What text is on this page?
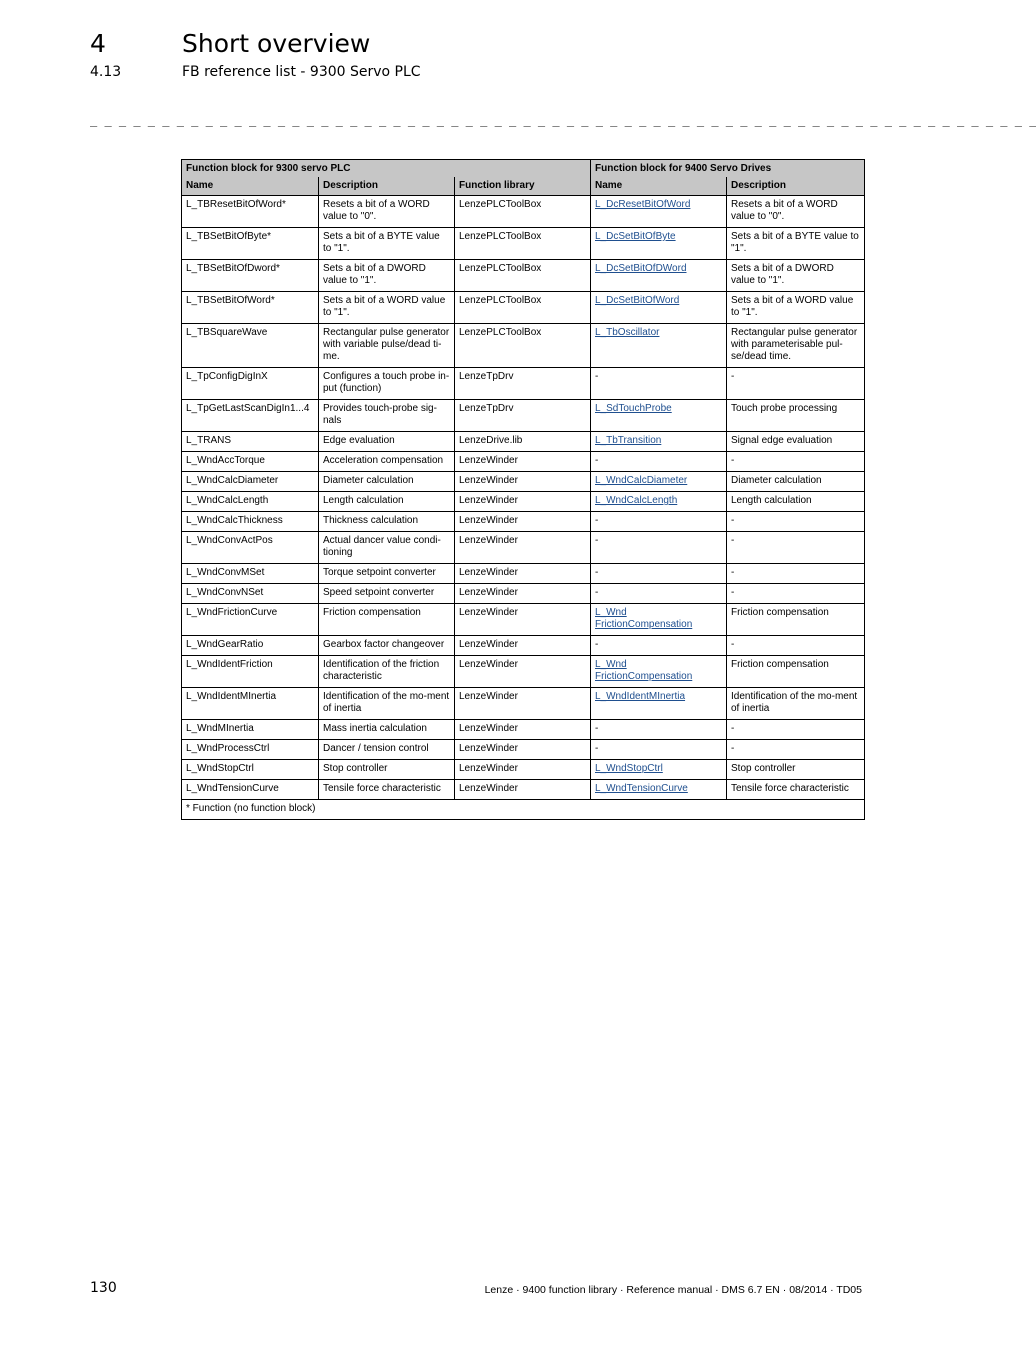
4	Short overview
4.13	FB reference list - 9300 Servo PLC
_ _ _ _ _ _ _ _ _ _ _ _ _ _ _ _ _ _ _ _ _ _ _ _ _ _ _ _ _ _ _ _ _ _ _ _ _ _ _ _ _ _ _ _ _ _ _ _ _ _ _ _ _ _ _ _ _ _ _ _ _ _ _ _ _ _
Function block for 9300 servo PLC			Function block for 9400 Servo Drives	
Name	Description	Function library	Name	Description
L_TBResetBitOfWord*	Resets a bit of a WORD value to "0".	LenzePLCToolBox	L_DcResetBitOfWord	Resets a bit of a WORD value to "0".
L_TBSetBitOfByte*	Sets a bit of a BYTE value to "1".	LenzePLCToolBox	L_DcSetBitOfByte	Sets a bit of a BYTE value to "1".
L_TBSetBitOfDword*	Sets a bit of a DWORD value to "1".	LenzePLCToolBox	L_DcSetBitOfDWord	Sets a bit of a DWORD value to "1".
L_TBSetBitOfWord*	Sets a bit of a WORD value to "1".	LenzePLCToolBox	L_DcSetBitOfWord	Sets a bit of a WORD value to "1".
L_TBSquareWave	Rectangular pulse generator with variable pulse/dead ti-me.	LenzePLCToolBox	L_TbOscillator	Rectangular pulse generator with parameterisable pul-se/dead time.
L_TpConfigDigInX	Configures a touch probe in-put (function)	LenzeTpDrv	-	-
L_TpGetLastScanDigIn1...4	Provides touch-probe sig-nals	LenzeTpDrv	L_SdTouchProbe	Touch probe processing
L_TRANS	Edge evaluation	LenzeDrive.lib	L_TbTransition	Signal edge evaluation
L_WndAccTorque	Acceleration compensation	LenzeWinder	-	-
L_WndCalcDiameter	Diameter calculation	LenzeWinder	L_WndCalcDiameter	Diameter calculation
L_WndCalcLength	Length calculation	LenzeWinder	L_WndCalcLength	Length calculation
L_WndCalcThickness	Thickness calculation	LenzeWinder	-	-
L_WndConvActPos	Actual dancer value condi-tioning	LenzeWinder	-	-
L_WndConvMSet	Torque setpoint converter	LenzeWinder	-	-
L_WndConvNSet	Speed setpoint converter	LenzeWinder	-	-
L_WndFrictionCurve	Friction compensation	LenzeWinder	L_Wnd FrictionCompensation	Friction compensation
L_WndGearRatio	Gearbox factor changeover	LenzeWinder	-	-
L_WndIdentFriction	Identification of the friction characteristic	LenzeWinder	L_Wnd FrictionCompensation	Friction compensation
L_WndIdentMInertia	Identification of the mo-ment of inertia	LenzeWinder	L_WndIdentMInertia	Identification of the mo-ment of inertia
L_WndMInertia	Mass inertia calculation	LenzeWinder	-	-
L_WndProcessCtrl	Dancer / tension control	LenzeWinder	-	-
L_WndStopCtrl	Stop controller	LenzeWinder	L_WndStopCtrl	Stop controller
L_WndTensionCurve	Tensile force characteristic	LenzeWinder	L_WndTensionCurve	Tensile force characteristic
* Function (no function block)				
130	Lenze · 9400 function library · Reference manual · DMS 6.7 EN · 08/2014 · TD05
